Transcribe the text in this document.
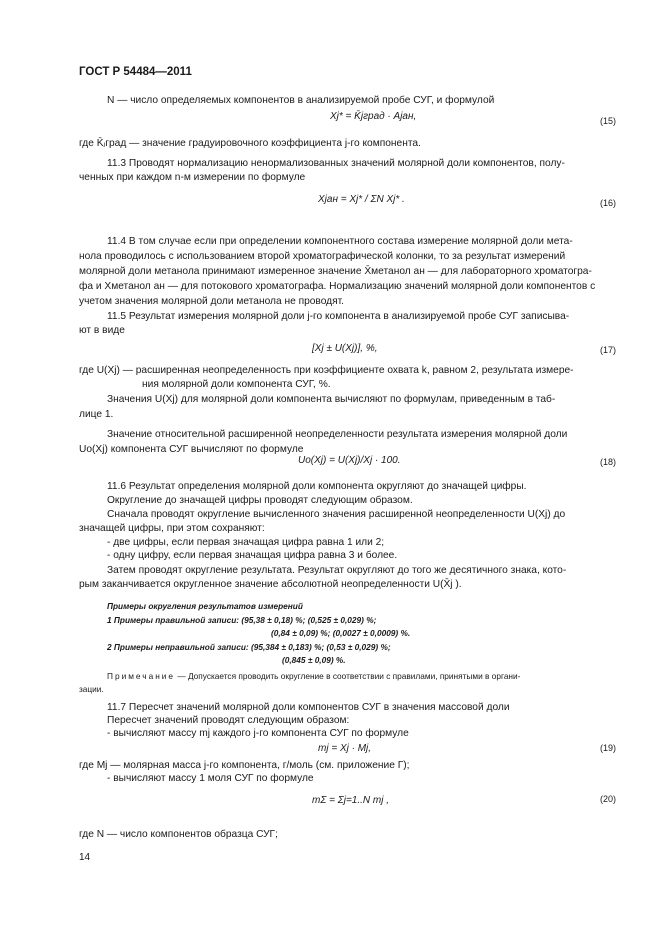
ГОСТ Р 54484—2011
N — число определяемых компонентов в анализируемой пробе СУГ, и формулой
Xj* = K̄jград · Ajан,	(15)
где K̄ⱼград — значение градуировочного коэффициента j-го компонента.
11.3 Проводят нормализацию ненормализованных значений молярной доли компонентов, полу-
ченных при каждом n-м измерении по формуле
Xjан = Xj* / ΣN Xj* .	(16)
11.4 В том случае если при определении компонентного состава измерение молярной доли мета-
нола проводилось с использованием второй хроматографической колонки, то за результат измерений
молярной доли метанола принимают измеренное значение X̄метанол ан — для лабораторного хроматогра-
фа и Xметанол ан — для потокового хроматографа. Нормализацию значений молярной доли компонентов с
учетом значения молярной доли метанола не проводят.
11.5 Результат измерения молярной доли j-го компонента в анализируемой пробе СУГ записыва-
ют в виде
[Xj ± U(Xj)], %,	(17)
где U(Xj) — расширенная неопределенность при коэффициенте охвата k, равном 2, результата измере-
ния молярной доли компонента СУГ, %.
Значения U(Xj) для молярной доли компонента вычисляют по формулам, приведенным в таб-
лице 1.
Значение относительной расширенной неопределенности результата измерения молярной доли
Uo(Xj) компонента СУГ вычисляют по формуле
Uo(Xj) = U(Xj)/Xj · 100.	(18)
11.6 Результат определения молярной доли компонента округляют до значащей цифры.
Округление до значащей цифры проводят следующим образом.
Сначала проводят округление вычисленного значения расширенной неопределенности U(Xj) до
значащей цифры, при этом сохраняют:
- две цифры, если первая значащая цифра равна 1 или 2;
- одну цифру, если первая значащая цифра равна 3 и более.
Затем проводят округление результата. Результат округляют до того же десятичного знака, кото-
рым заканчивается округленное значение абсолютной неопределенности U(X̄j ).
Примеры округления результатов измерений
1 Примеры правильной записи: (95,38 ± 0,18) %; (0,525 ± 0,029) %;
(0,84 ± 0,09) %; (0,0027 ± 0,0009) %.
2 Примеры неправильной записи: (95,384 ± 0,183) %; (0,53 ± 0,029) %;
(0,845 ± 0,09) %.
Примечание — Допускается проводить округление в соответствии с правилами, принятыми в органи-
зации.
11.7 Пересчет значений молярной доли компонентов СУГ в значения массовой доли
Пересчет значений проводят следующим образом:
- вычисляют массу mj каждого j-го компонента СУГ по формуле
mj = Xj · Mj,	(19)
где Mj — молярная масса j-го компонента, г/моль (см. приложение Г);
- вычисляют массу 1 моля СУГ по формуле
mΣ = Σj=1..N mj ,	(20)
где N — число компонентов образца СУГ;
14
